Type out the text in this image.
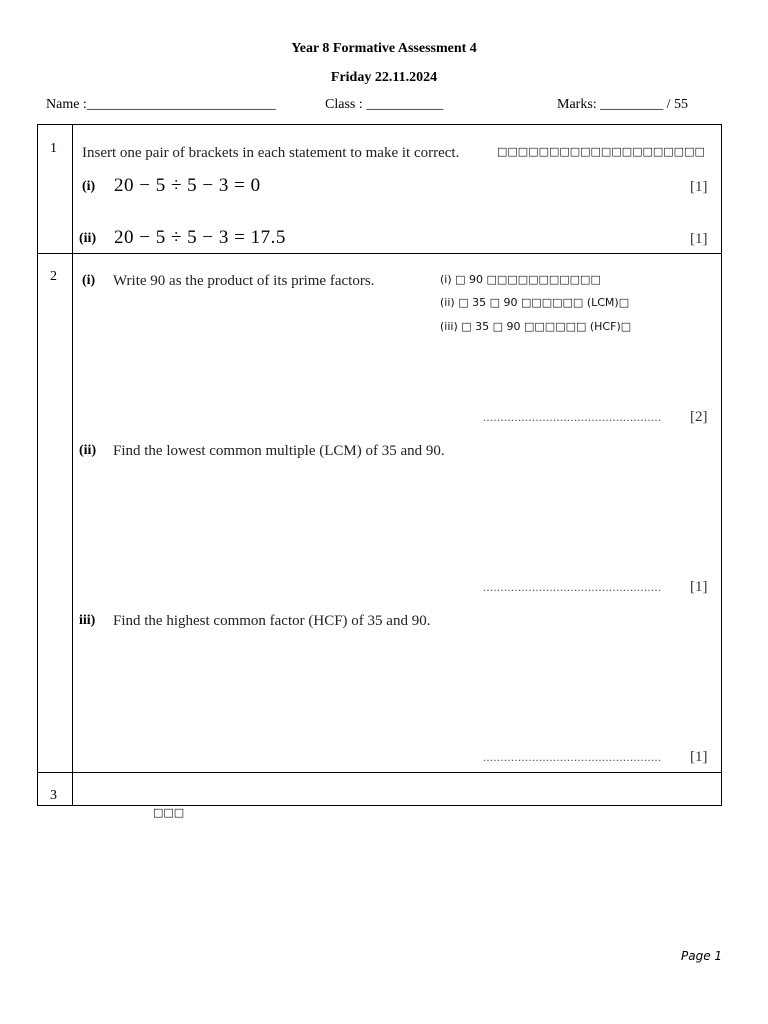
Year 8 Formative Assessment 4
Friday 22.11.2024
Name :___________________________	Class : ___________	Marks: _________ / 55
1 Insert one pair of brackets in each statement to make it correct.	□□□□□□□□□□□□□□□□□□□□
(i) 20 − 5 ÷ 5 − 3 = 0	[1]
(ii) 20 − 5 ÷ 5 − 3 = 17.5	[1]
2 (i) Write 90 as the product of its prime factors.	(i) □ 90 □□□□□□□□□□□
(ii) □ 35 □ 90 □□□□□□ (LCM)□
(iii) □ 35 □ 90 □□□□□□ (HCF)□
................................................... [2]
(ii) Find the lowest common multiple (LCM) of 35 and 90.
................................................... [1]
iii) Find the highest common factor (HCF) of 35 and 90.
................................................... [1]
3
□□□
Page 1
